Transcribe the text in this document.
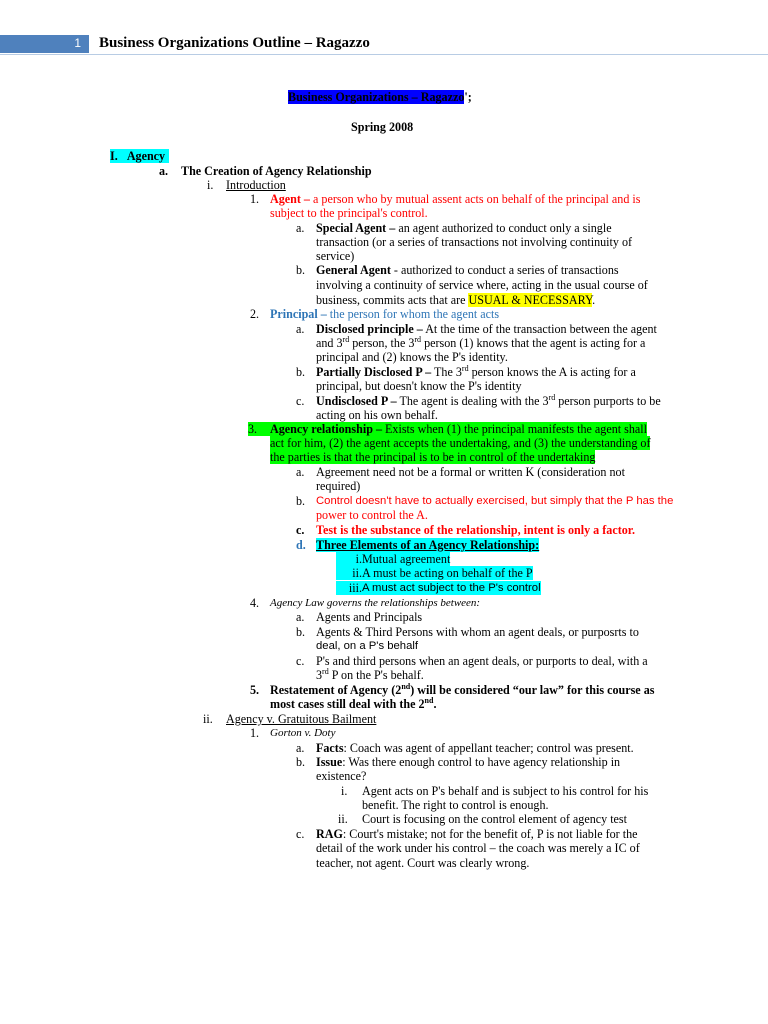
1 Business Organizations Outline – Ragazzo
Business Organizations – Ragazzo';
Spring 2008
I. Agency
a. The Creation of Agency Relationship
i. Introduction
1. Agent – a person who by mutual assent acts on behalf of the principal and is
subject to the principal's control.
a. Special Agent – an agent authorized to conduct only a single
transaction (or a series of transactions not involving continuity of
service)
b. General Agent - authorized to conduct a series of transactions
involving a continuity of service where, acting in the usual course of
business, commits acts that are USUAL & NECESSARY.
2. Principal – the person for whom the agent acts
a. Disclosed principle – At the time of the transaction between the agent
and 3rd person, the 3rd person (1) knows that the agent is acting for a
principal and (2) knows the P's identity.
b. Partially Disclosed P – The 3rd person knows the A is acting for a
principal, but doesn't know the P's identity
c. Undisclosed P – The agent is dealing with the 3rd person purports to be
acting on his own behalf.
3.	Agency relationship – Exists when (1) the principal manifests the agent shall
act for him, (2) the agent accepts the undertaking, and (3) the understanding of
the parties is that the principal is to be in control of the undertaking
a. Agreement need not be a formal or written K (consideration not
required)
b. Control doesn't have to actually exercised, but simply that the P has the
power to control the A.
c. Test is the substance of the relationship, intent is only a factor.
d. Three Elements of an Agency Relationship:
i. Mutual agreement
ii. A must be acting on behalf of the P
iii. A must act subject to the P's control
4. Agency Law governs the relationships between:
a. Agents and Principals
b. Agents & Third Persons with whom an agent deals, or purposrts to
deal, on a P's behalf
c. P's and third persons when an agent deals, or purports to deal, with a
3rd P on the P's behalf.
5. Restatement of Agency (2nd) will be considered “our law” for this course as
most cases still deal with the 2nd.
ii. Agency v. Gratuitous Bailment
1. Gorton v. Doty
a. Facts: Coach was agent of appellant teacher; control was present.
b. Issue: Was there enough control to have agency relationship in
existence?
i. Agent acts on P's behalf and is subject to his control for his
benefit. The right to control is enough.
ii. Court is focusing on the control element of agency test
c. RAG: Court's mistake; not for the benefit of, P is not liable for the
detail of the work under his control – the coach was merely a IC of
teacher, not agent. Court was clearly wrong.
